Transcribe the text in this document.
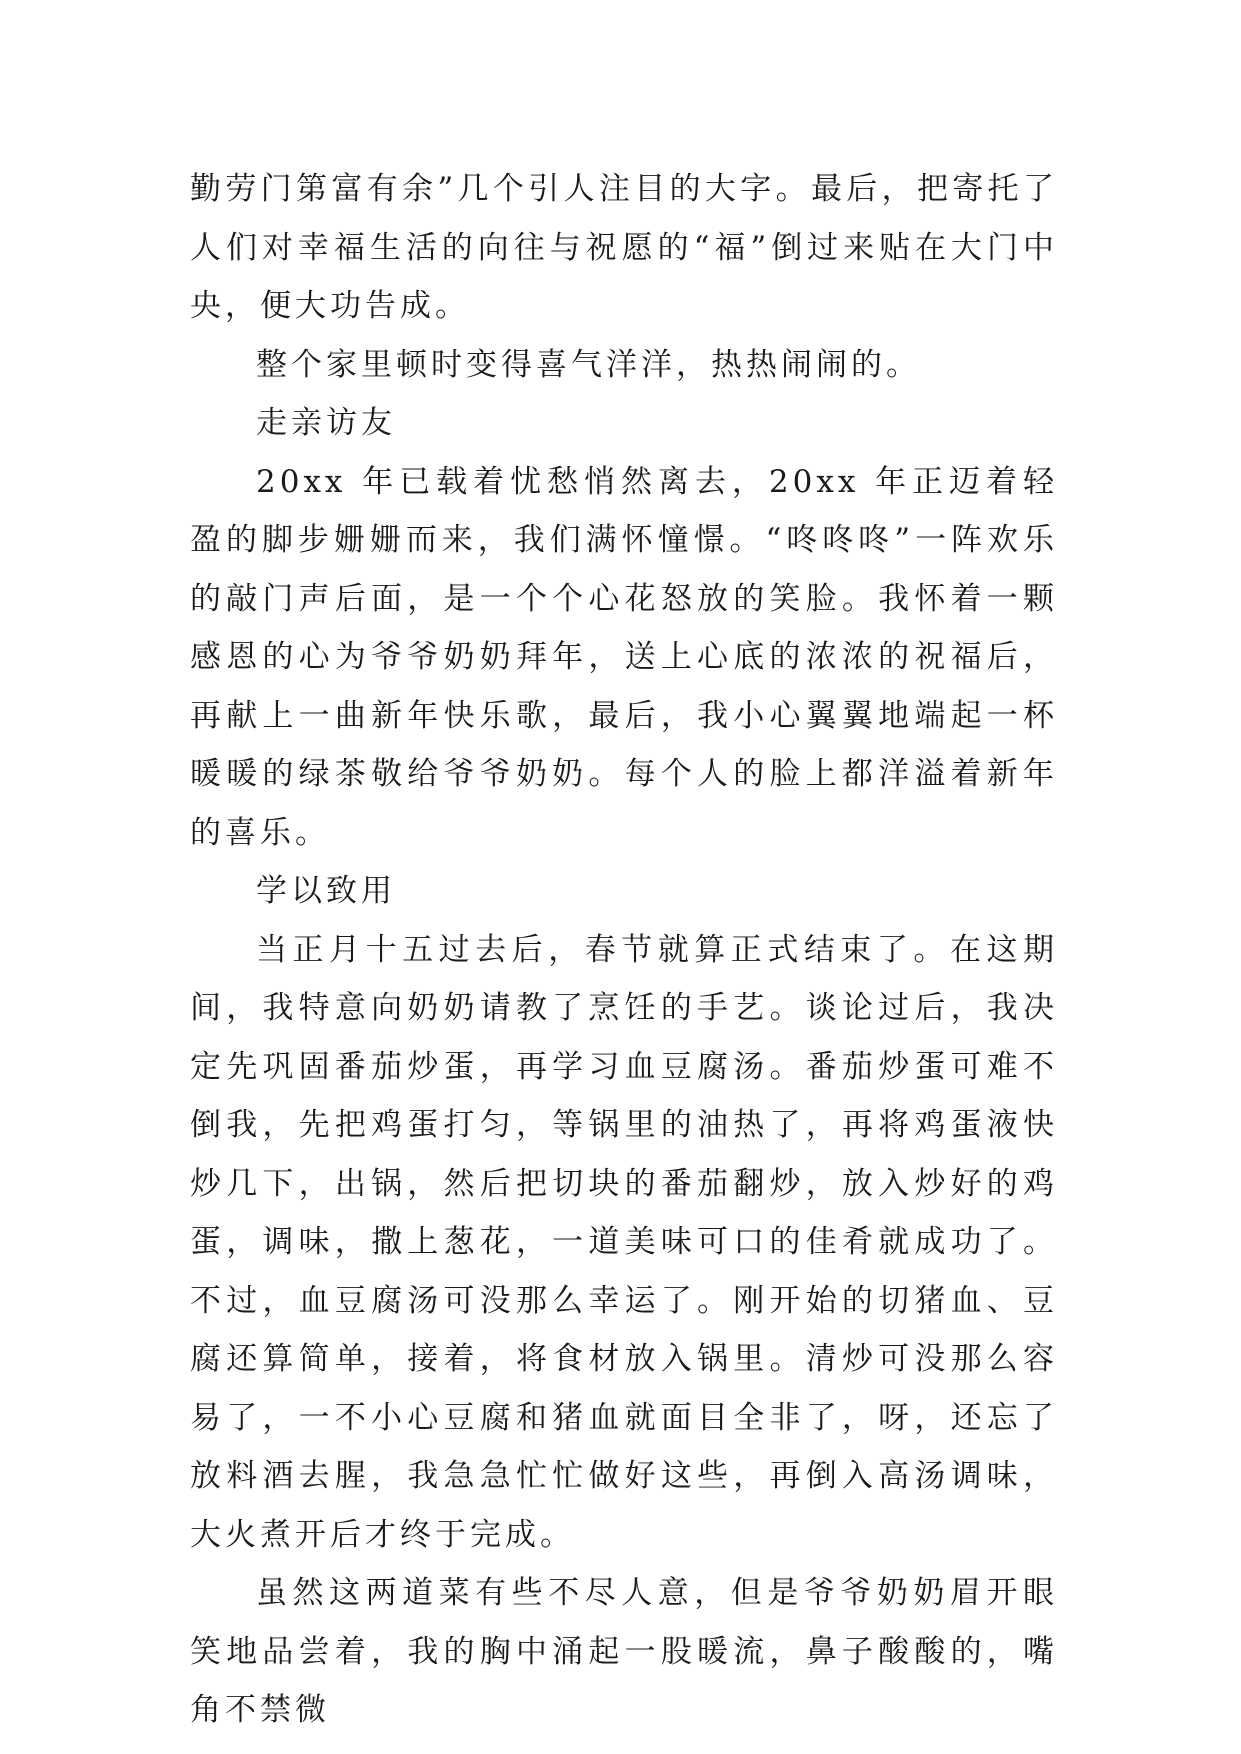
勤劳门第富有余”几个引人注目的大字。最后，把寄托了人们对幸福生活的向往与祝愿的“福”倒过来贴在大门中央，便大功告成。

整个家里顿时变得喜气洋洋，热热闹闹的。

走亲访友

20xx 年已载着忧愁悄然离去，20xx 年正迈着轻盈的脚步姗姗而来，我们满怀憧憬。“咚咚咚”一阵欢乐的敲门声后面，是一个个心花怒放的笑脸。我怀着一颗感恩的心为爷爷奶奶拜年，送上心底的浓浓的祝福后，再献上一曲新年快乐歌，最后，我小心翼翼地端起一杯暖暖的绿茶敬给爷爷奶奶。每个人的脸上都洋溢着新年的喜乐。

学以致用

当正月十五过去后，春节就算正式结束了。在这期间，我特意向奶奶请教了烹饪的手艺。谈论过后，我决定先巩固番茄炒蛋，再学习血豆腐汤。番茄炒蛋可难不倒我，先把鸡蛋打匀，等锅里的油热了，再将鸡蛋液快炒几下，出锅，然后把切块的番茄翻炒，放入炒好的鸡蛋，调味，撒上葱花，一道美味可口的佳肴就成功了。不过，血豆腐汤可没那么幸运了。刚开始的切猪血、豆腐还算简单，接着，将食材放入锅里。清炒可没那么容易了，一不小心豆腐和猪血就面目全非了，呀，还忘了放料酒去腥，我急急忙忙做好这些，再倒入高汤调味，大火煮开后才终于完成。

虽然这两道菜有些不尽人意，但是爷爷奶奶眉开眼笑地品尝着，我的胸中涌起一股暖流，鼻子酸酸的，嘴角不禁微
